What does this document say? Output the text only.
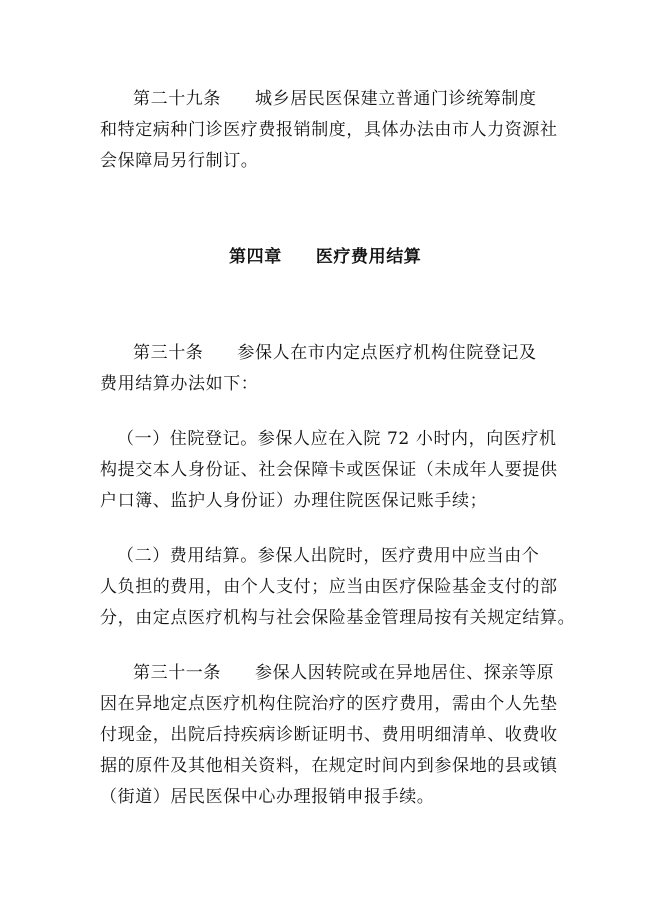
第二十九条 城乡居民医保建立普通门诊统筹制度
和特定病种门诊医疗费报销制度，具体办法由市人力资源社
会保障局另行制订。
第四章 医疗费用结算
第三十条 参保人在市内定点医疗机构住院登记及
费用结算办法如下：
（一）住院登记。参保人应在入院 72 小时内，向医疗机
构提交本人身份证、社会保障卡或医保证（未成年人要提供
户口簿、监护人身份证）办理住院医保记账手续；
（二）费用结算。参保人出院时，医疗费用中应当由个
人负担的费用，由个人支付；应当由医疗保险基金支付的部
分，由定点医疗机构与社会保险基金管理局按有关规定结算。
第三十一条 参保人因转院或在异地居住、探亲等原
因在异地定点医疗机构住院治疗的医疗费用，需由个人先垫
付现金，出院后持疾病诊断证明书、费用明细清单、收费收
据的原件及其他相关资料，在规定时间内到参保地的县或镇
（街道）居民医保中心办理报销申报手续。
